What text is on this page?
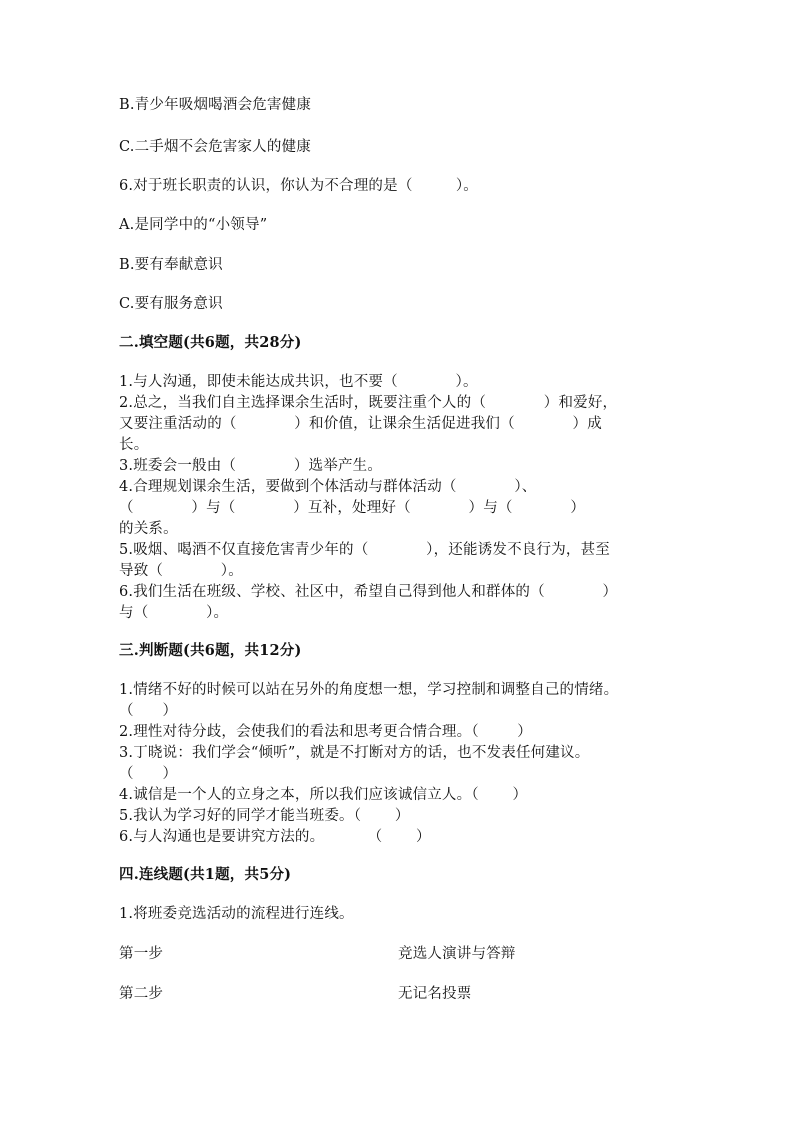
B.青少年吸烟喝酒会危害健康

C.二手烟不会危害家人的健康

6.对于班长职责的认识，你认为不合理的是（         ）。

A.是同学中的“小领导”

B.要有奉献意识

C.要有服务意识

二.填空题(共6题，共28分)

1.与人沟通，即使未能达成共识，也不要（            ）。

2.总之，当我们自主选择课余生活时，既要注重个人的（            ）和爱好，

又要注重活动的（            ）和价值，让课余生活促进我们（            ）成

长。

3.班委会一般由（            ）选举产生。

4.合理规划课余生活，要做到个体活动与群体活动（            ）、

（            ）与（            ）互补，处理好（            ）与（            ）

的关系。

5.吸烟、喝酒不仅直接危害青少年的（            ），还能诱发不良行为，甚至

导致（            ）。

6.我们生活在班级、学校、社区中，希望自己得到他人和群体的（            ）

与（            ）。

三.判断题(共6题，共12分)

1.情绪不好的时候可以站在另外的角度想一想，学习控制和调整自己的情绪。

（      ）

2.理性对待分歧，会使我们的看法和思考更合情合理。（        ）

3.丁晓说：我们学会“倾听”，就是不打断对方的话，也不发表任何建议。

（      ）

4.诚信是一个人的立身之本，所以我们应该诚信立人。（       ）

5.我认为学习好的同学才能当班委。（       ）

6.与人沟通也是要讲究方法的。         （       ）

四.连线题(共1题，共5分)

1.将班委竞选活动的流程进行连线。

第一步	竞选人演讲与答辩

第二步	无记名投票
